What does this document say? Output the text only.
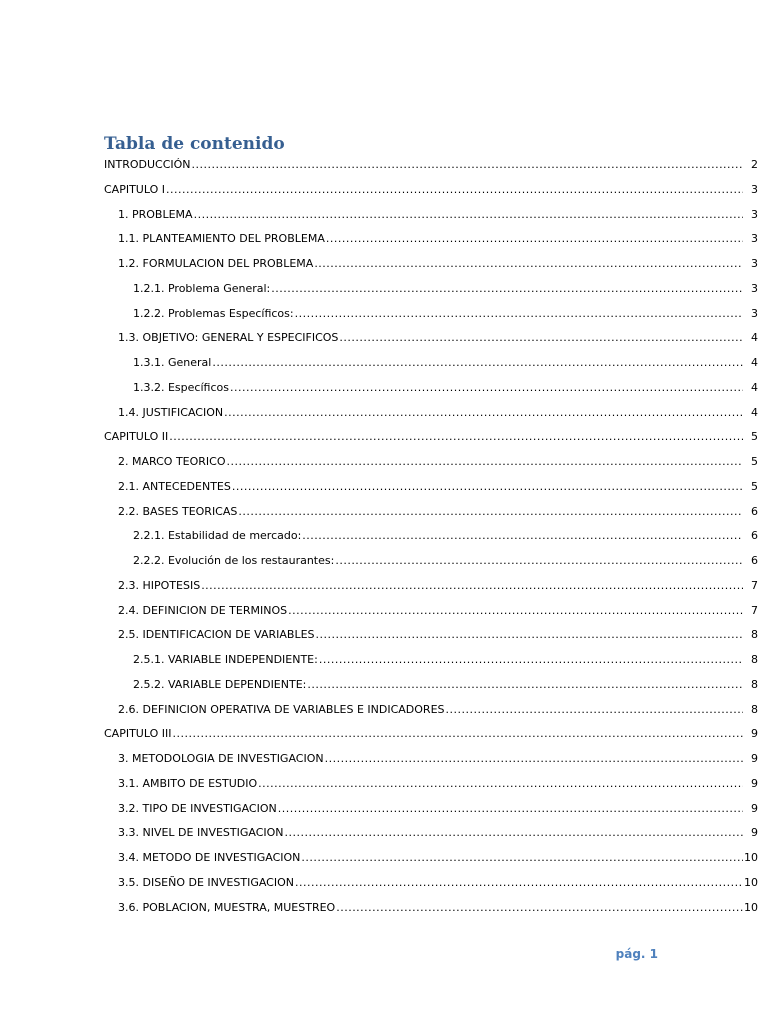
Tabla de contenido
INTRODUCCIÓN .....	2
CAPITULO I .....	3
1. PROBLEMA .....	3
1.1. PLANTEAMIENTO DEL PROBLEMA .....	3
1.2. FORMULACION DEL PROBLEMA .....	3
1.2.1. Problema General: .....	3
1.2.2. Problemas Específicos: .....	3
1.3. OBJETIVO: GENERAL Y ESPECIFICOS .....	4
1.3.1. General .....	4
1.3.2. Específicos .....	4
1.4. JUSTIFICACION .....	4
CAPITULO II .....	5
2. MARCO TEORICO .....	5
2.1. ANTECEDENTES .....	5
2.2. BASES TEORICAS .....	6
2.2.1. Estabilidad de mercado: .....	6
2.2.2. Evolución de los restaurantes: .....	6
2.3. HIPOTESIS .....	7
2.4. DEFINICION DE TERMINOS .....	7
2.5. IDENTIFICACION DE VARIABLES .....	8
2.5.1. VARIABLE INDEPENDIENTE: .....	8
2.5.2. VARIABLE DEPENDIENTE: .....	8
2.6. DEFINICION OPERATIVA DE VARIABLES E INDICADORES .....	8
CAPITULO III .....	9
3. METODOLOGIA DE INVESTIGACION .....	9
3.1. AMBITO DE ESTUDIO .....	9
3.2. TIPO DE INVESTIGACION .....	9
3.3. NIVEL DE INVESTIGACION .....	9
3.4. METODO DE INVESTIGACION .....	10
3.5. DISEÑO DE INVESTIGACION .....	10
3.6. POBLACION, MUESTRA, MUESTREO .....	10
pág. 1
